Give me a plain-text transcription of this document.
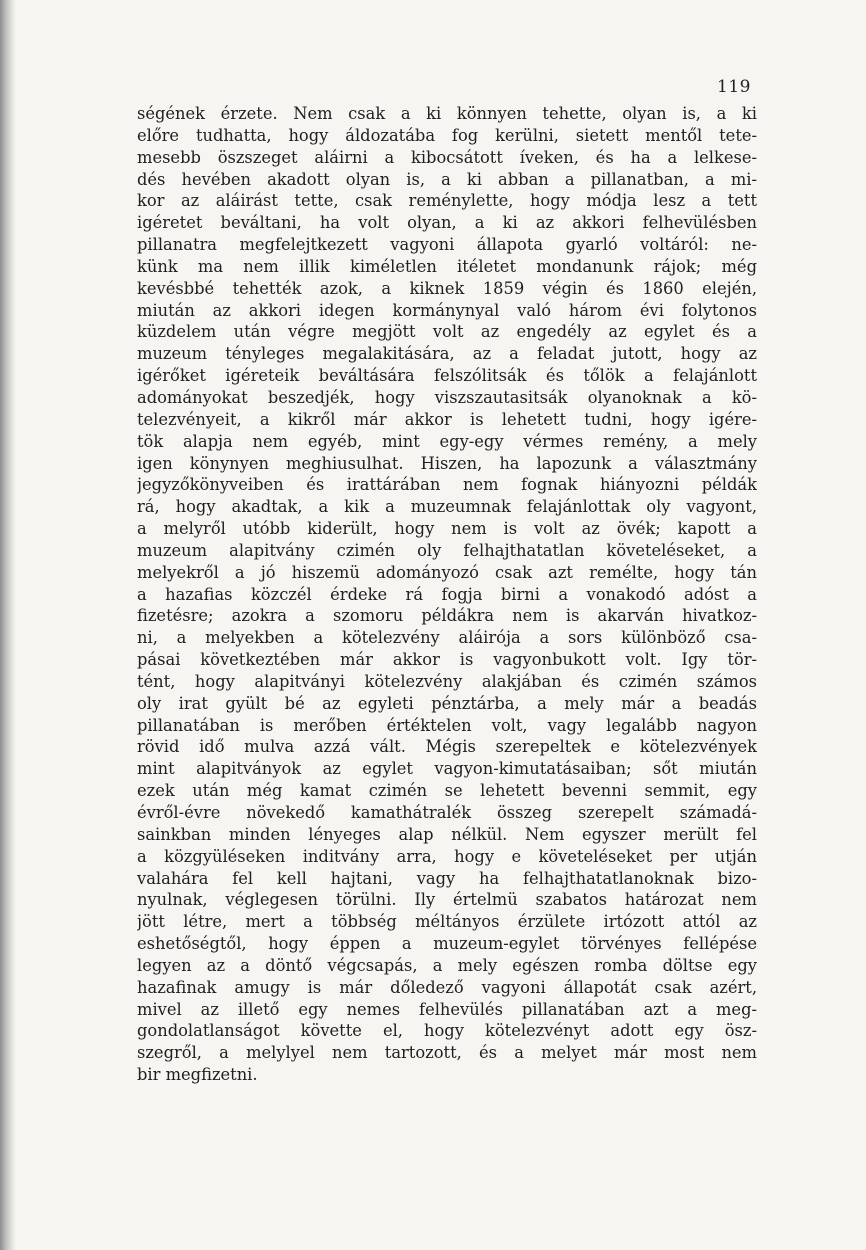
119
ségének érzete. Nem csak a ki könnyen tehette, olyan is, a ki
előre tudhatta, hogy áldozatába fog kerülni, sietett mentől tete-
mesebb öszszeget aláirni a kibocsátott íveken, és ha a lelkese-
dés hevében akadott olyan is, a ki abban a pillanatban, a mi-
kor az aláirást tette, csak reménylette, hogy módja lesz a tett
igéretet beváltani, ha volt olyan, a ki az akkori felhevülésben
pillanatra megfelejtkezett vagyoni állapota gyarló voltáról: ne-
künk ma nem illik kiméletlen itéletet mondanunk rájok; még
kevésbbé tehették azok, a kiknek 1859 végin és 1860 elején,
miután az akkori idegen kormánynyal való három évi folytonos
küzdelem után végre megjött volt az engedély az egylet és a
muzeum tényleges megalakitására, az a feladat jutott, hogy az
igérőket igéreteik beváltására felszólitsák és tőlök a felajánlott
adományokat beszedjék, hogy viszszautasitsák olyanoknak a kö-
telezvényeit, a kikről már akkor is lehetett tudni, hogy igére-
tök alapja nem egyéb, mint egy-egy vérmes remény, a mely
igen könynyen meghiusulhat. Hiszen, ha lapozunk a választmány
jegyzőkönyveiben és irattárában nem fognak hiányozni példák
rá, hogy akadtak, a kik a muzeumnak felajánlottak oly vagyont,
a melyről utóbb kiderült, hogy nem is volt az övék; kapott a
muzeum alapitvány czimén oly felhajthatatlan követeléseket, a
melyekről a jó hiszemü adományozó csak azt remélte, hogy tán
a hazafias közczél érdeke rá fogja birni a vonakodó adóst a
fizetésre; azokra a szomoru példákra nem is akarván hivatkoz-
ni, a melyekben a kötelezvény aláirója a sors különböző csa-
pásai következtében már akkor is vagyonbukott volt. Igy tör-
tént, hogy alapitványi kötelezvény alakjában és czimén számos
oly irat gyült bé az egyleti pénztárba, a mely már a beadás
pillanatában is merőben értéktelen volt, vagy legalább nagyon
rövid idő mulva azzá vált. Mégis szerepeltek e kötelezvények
mint alapitványok az egylet vagyon-kimutatásaiban; sőt miután
ezek után még kamat czimén se lehetett bevenni semmit, egy
évről-évre növekedő kamathátralék összeg szerepelt számadá-
sainkban minden lényeges alap nélkül. Nem egyszer merült fel
a közgyüléseken inditvány arra, hogy e követeléseket per utján
valahára fel kell hajtani, vagy ha felhajthatatlanoknak bizo-
nyulnak, véglegesen törülni. Ily értelmü szabatos határozat nem
jött létre, mert a többség méltányos érzülete irtózott attól az
eshetőségtől, hogy éppen a muzeum-egylet törvényes fellépése
legyen az a döntő végcsapás, a mely egészen romba döltse egy
hazafinak amugy is már dőledező vagyoni állapotát csak azért,
mivel az illető egy nemes felhevülés pillanatában azt a meg-
gondolatlanságot követte el, hogy kötelezvényt adott egy ösz-
szegről, a melylyel nem tartozott, és a melyet már most nem
bir megfizetni.
